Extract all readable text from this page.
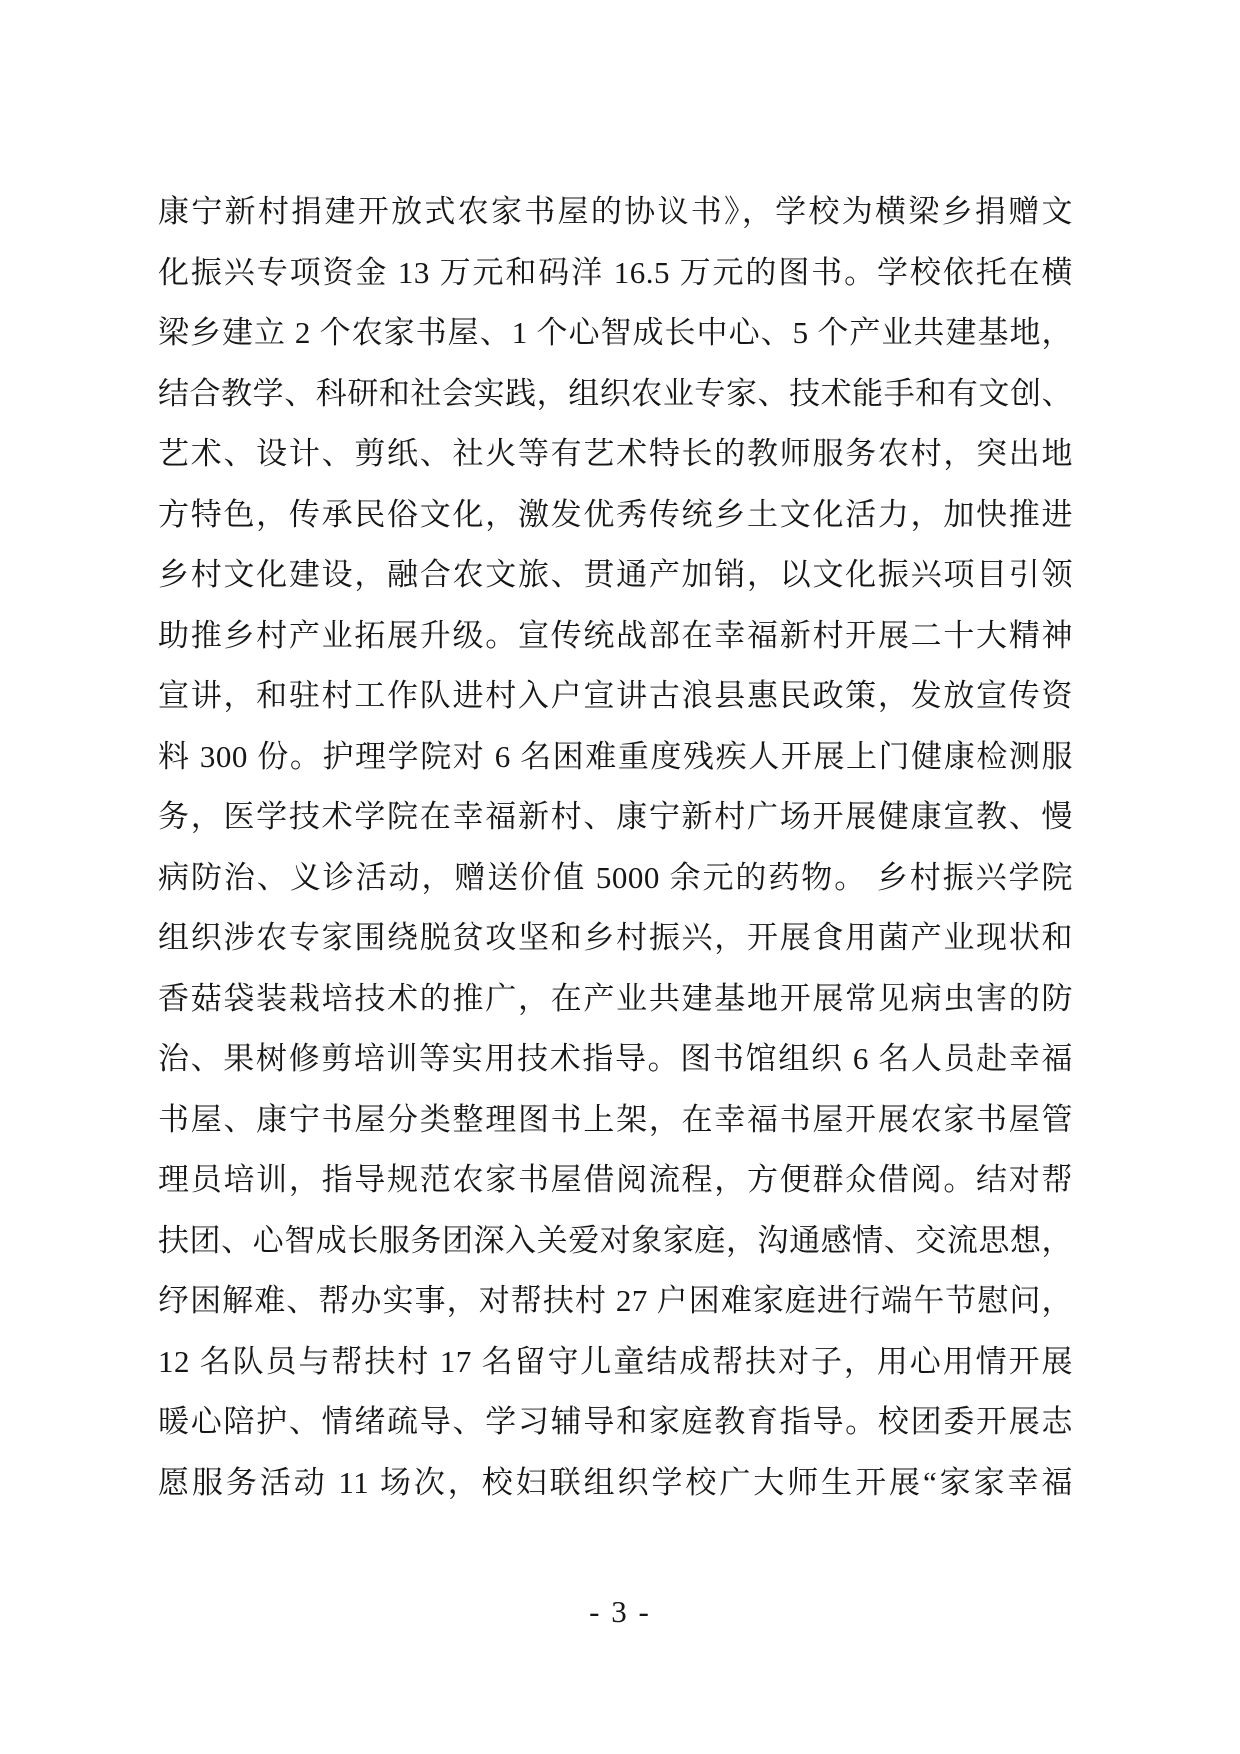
康宁新村捐建开放式农家书屋的协议书》，学校为横梁乡捐赠文
化振兴专项资金 13 万元和码洋 16.5 万元的图书。学校依托在横
梁乡建立 2 个农家书屋、1 个心智成长中心、5 个产业共建基地，
结合教学、科研和社会实践，组织农业专家、技术能手和有文创、
艺术、设计、剪纸、社火等有艺术特长的教师服务农村，突出地
方特色，传承民俗文化，激发优秀传统乡土文化活力，加快推进
乡村文化建设，融合农文旅、贯通产加销，以文化振兴项目引领
助推乡村产业拓展升级。宣传统战部在幸福新村开展二十大精神
宣讲，和驻村工作队进村入户宣讲古浪县惠民政策，发放宣传资
料 300 份。护理学院对 6 名困难重度残疾人开展上门健康检测服
务，医学技术学院在幸福新村、康宁新村广场开展健康宣教、慢
病防治、义诊活动，赠送价值 5000 余元的药物。 乡村振兴学院
组织涉农专家围绕脱贫攻坚和乡村振兴，开展食用菌产业现状和
香菇袋装栽培技术的推广，在产业共建基地开展常见病虫害的防
治、果树修剪培训等实用技术指导。图书馆组织 6 名人员赴幸福
书屋、康宁书屋分类整理图书上架，在幸福书屋开展农家书屋管
理员培训，指导规范农家书屋借阅流程，方便群众借阅。结对帮
扶团、心智成长服务团深入关爱对象家庭，沟通感情、交流思想，
纾困解难、帮办实事，对帮扶村 27 户困难家庭进行端午节慰问，
12 名队员与帮扶村 17 名留守儿童结成帮扶对子，用心用情开展
暖心陪护、情绪疏导、学习辅导和家庭教育指导。校团委开展志
愿服务活动 11 场次，校妇联组织学校广大师生开展“家家幸福
- 3 -
